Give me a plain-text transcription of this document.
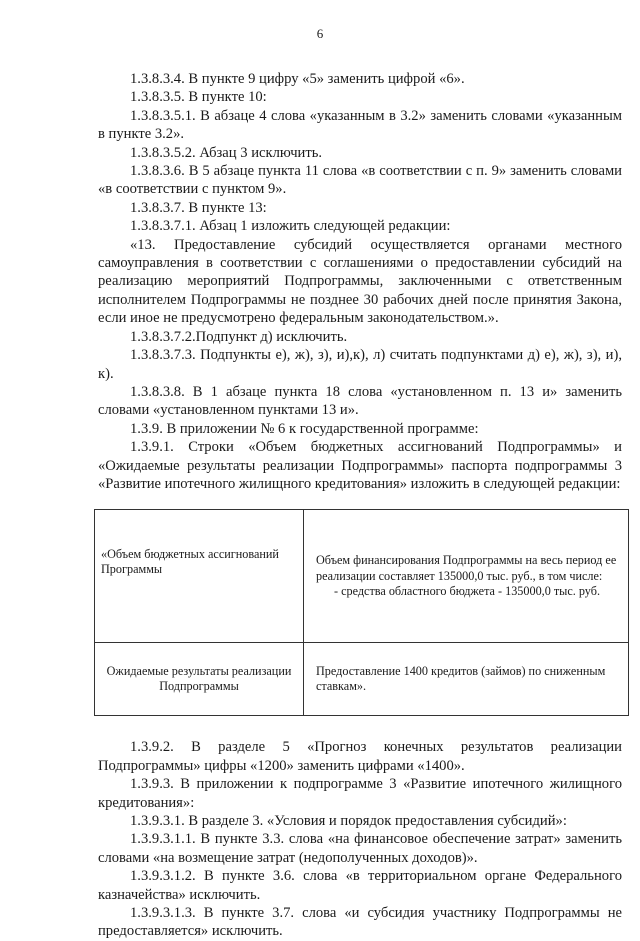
6

1.3.8.3.4. В пункте 9 цифру «5» заменить цифрой «6».

1.3.8.3.5. В пункте 10:

1.3.8.3.5.1. В абзаце 4 слова «указанным в 3.2» заменить словами «указанным в пункте 3.2».

1.3.8.3.5.2. Абзац 3 исключить.

1.3.8.3.6. В 5 абзаце пункта 11 слова «в соответствии с п. 9» заменить словами «в соответствии с пунктом 9».

1.3.8.3.7. В пункте 13:

1.3.8.3.7.1. Абзац 1 изложить следующей редакции:

«13. Предоставление субсидий осуществляется органами местного самоуправления в соответствии с соглашениями о предоставлении субсидий на реализацию мероприятий Подпрограммы, заключенными с ответственным исполнителем Подпрограммы не позднее 30 рабочих дней после принятия Закона, если иное не предусмотрено федеральным законодательством.».

1.3.8.3.7.2.Подпункт д) исключить.

1.3.8.3.7.3. Подпункты е), ж), з), и),к), л) считать подпунктами д) е), ж), з), и), к).

1.3.8.3.8. В 1 абзаце пункта 18 слова «установленном п. 13 и» заменить словами «установленном пунктами 13 и».

1.3.9. В приложении № 6 к государственной программе:

1.3.9.1. Строки «Объем бюджетных ассигнований Подпрограммы» и «Ожидаемые результаты реализации Подпрограммы» паспорта подпрограммы 3 «Развитие ипотечного жилищного кредитования» изложить в следующей редакции:

«Объем бюджетных ассигнований Программы	Объем финансирования Подпрограммы на весь период ее реализации составляет 135000,0 тыс. руб., в том числе:
- средства областного бюджета - 135000,0 тыс. руб.

Ожидаемые результаты реализации Подпрограммы	Предоставление 1400 кредитов (займов) по сниженным ставкам».

1.3.9.2. В разделе 5 «Прогноз конечных результатов реализации Подпрограммы» цифры «1200» заменить цифрами «1400».

1.3.9.3. В приложении к подпрограмме 3 «Развитие ипотечного жилищного кредитования»:

1.3.9.3.1. В разделе 3. «Условия и порядок предоставления субсидий»:

1.3.9.3.1.1. В пункте 3.3. слова «на финансовое обеспечение затрат» заменить словами «на возмещение затрат (недополученных доходов)».

1.3.9.3.1.2. В пункте 3.6. слова «в территориальном органе Федерального казначейства» исключить.

1.3.9.3.1.3. В пункте 3.7. слова «и субсидия участнику Подпрограммы не предоставляется» исключить.
